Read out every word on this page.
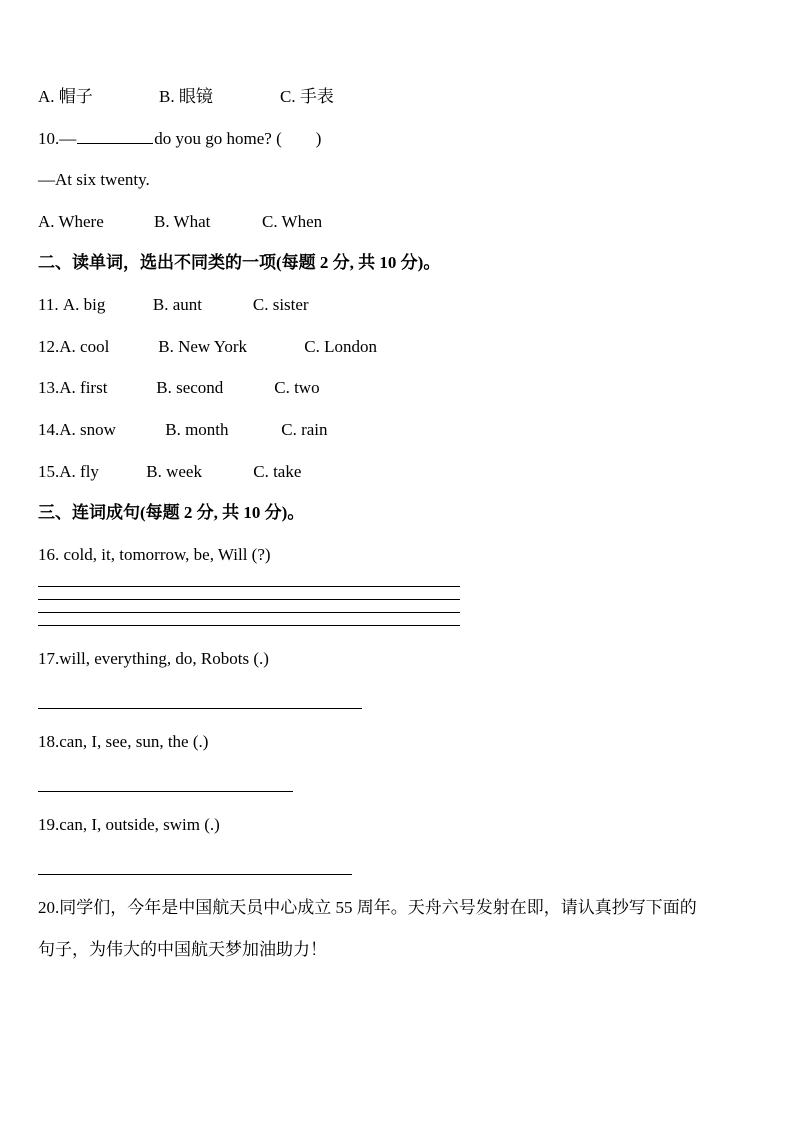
A. 帽子	B. 眼镜	C. 手表
10.—	do you go home? (　　)
—At six twenty.
A. Where	B. What	C. When
二、读单词，选出不同类的一项(每题 2 分, 共 10 分)。
11. A. big	B. aunt	C. sister
12.A. cool	B. New York	C. London
13.A. first	B. second	C. two
14.A. snow	B. month	C. rain
15.A. fly	B. week	C. take
三、连词成句(每题 2 分, 共 10 分)。
16. cold, it, tomorrow, be, Will (?)
17.will, everything, do, Robots (.)
18.can, I, see, sun, the (.)
19.can, I, outside, swim (.)
20.同学们，今年是中国航天员中心成立 55 周年。天舟六号发射在即，请认真抄写下面的
句子，为伟大的中国航天梦加油助力！
